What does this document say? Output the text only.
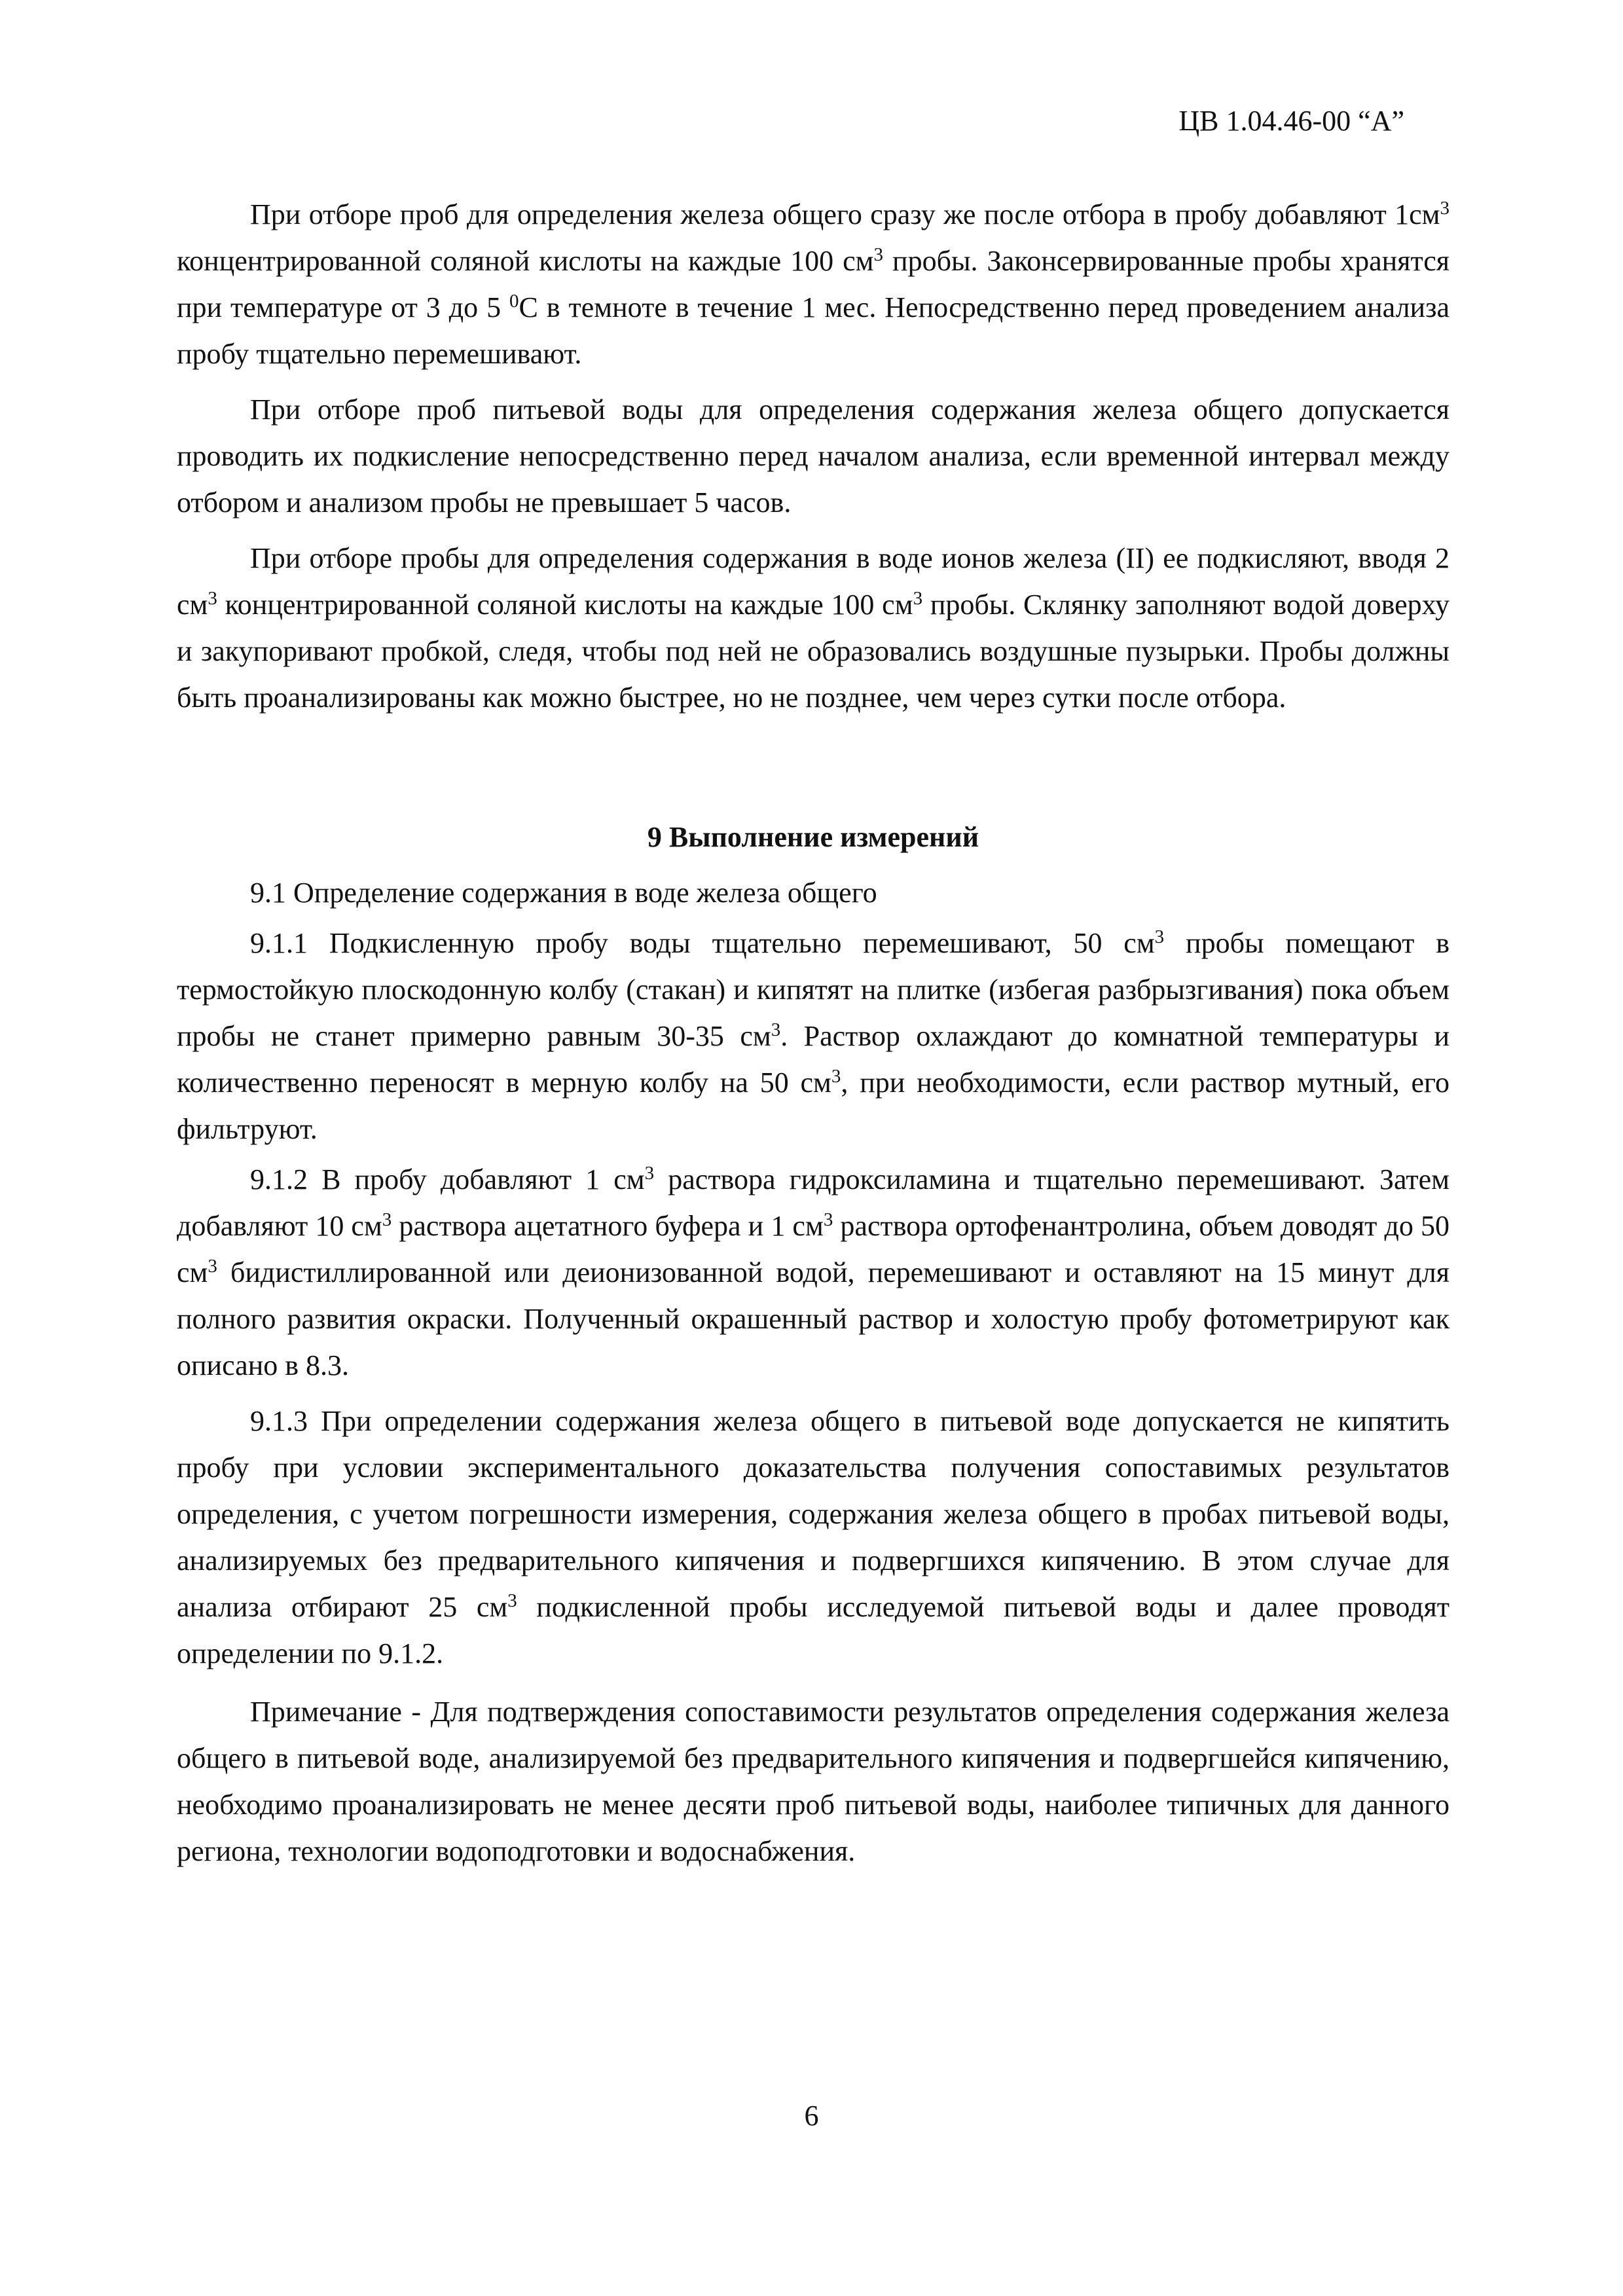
ЦВ 1.04.46-00 “А”

При отборе проб для определения железа общего сразу же после отбора в пробу добавляют $1см^3$ концентрированной соляной кислоты на каждые 100 $см^3$ пробы. Законсервированные пробы хранятся при температуре от 3 до 5 $^0$С в темноте в течение 1 мес. Непосредственно перед проведением анализа пробу тщательно перемешивают.

При отборе проб питьевой воды для определения содержания железа общего допускается проводить их подкисление непосредственно перед началом анализа, если временной интервал между отбором и анализом пробы не превышает 5 часов.

При отборе пробы для определения содержания в воде ионов железа (II) ее подкисляют, вводя 2 $см^3$ концентрированной соляной кислоты на каждые 100 $см^3$ пробы. Склянку заполняют водой доверху и закупоривают пробкой, следя, чтобы под ней не образовались воздушные пузырьки. Пробы должны быть проанализированы как можно быстрее, но не позднее, чем через сутки после отбора.

9 Выполнение измерений

9.1 Определение содержания в воде железа общего

9.1.1 Подкисленную пробу воды тщательно перемешивают, 50 $см^3$ пробы помещают в термостойкую плоскодонную колбу (стакан) и кипятят на плитке (избегая разбрызгивания) пока объем пробы не станет примерно равным 30-35 $см^3$. Раствор охлаждают до комнатной температуры и количественно переносят в мерную колбу на 50 $см^3$, при необходимости, если раствор мутный, его фильтруют.

9.1.2 В пробу добавляют 1 $см^3$ раствора гидроксиламина и тщательно перемешивают. Затем добавляют 10 $см^3$ раствора ацетатного буфера и 1 $см^3$ раствора ортофенантролина, объем доводят до 50 $см^3$ бидистиллированной или деионизованной водой, перемешивают и оставляют на 15 минут для полного развития окраски. Полученный окрашенный раствор и холостую пробу фотометрируют как описано в 8.3.

9.1.3 При определении содержания железа общего в питьевой воде допускается не кипятить пробу при условии экспериментального доказательства получения сопоставимых результатов определения, с учетом погрешности измерения, содержания железа общего в пробах питьевой воды, анализируемых без предварительного кипячения и подвергшихся кипячению. В этом случае для анализа отбирают 25 $см^3$ подкисленной пробы исследуемой питьевой воды и далее проводят определении по 9.1.2.

Примечание - Для подтверждения сопоставимости результатов определения содержания железа общего в питьевой воде, анализируемой без предварительного кипячения и подвергшейся кипячению, необходимо проанализировать не менее десяти проб питьевой воды, наиболее типичных для данного региона, технологии водоподготовки и водоснабжения.

6
